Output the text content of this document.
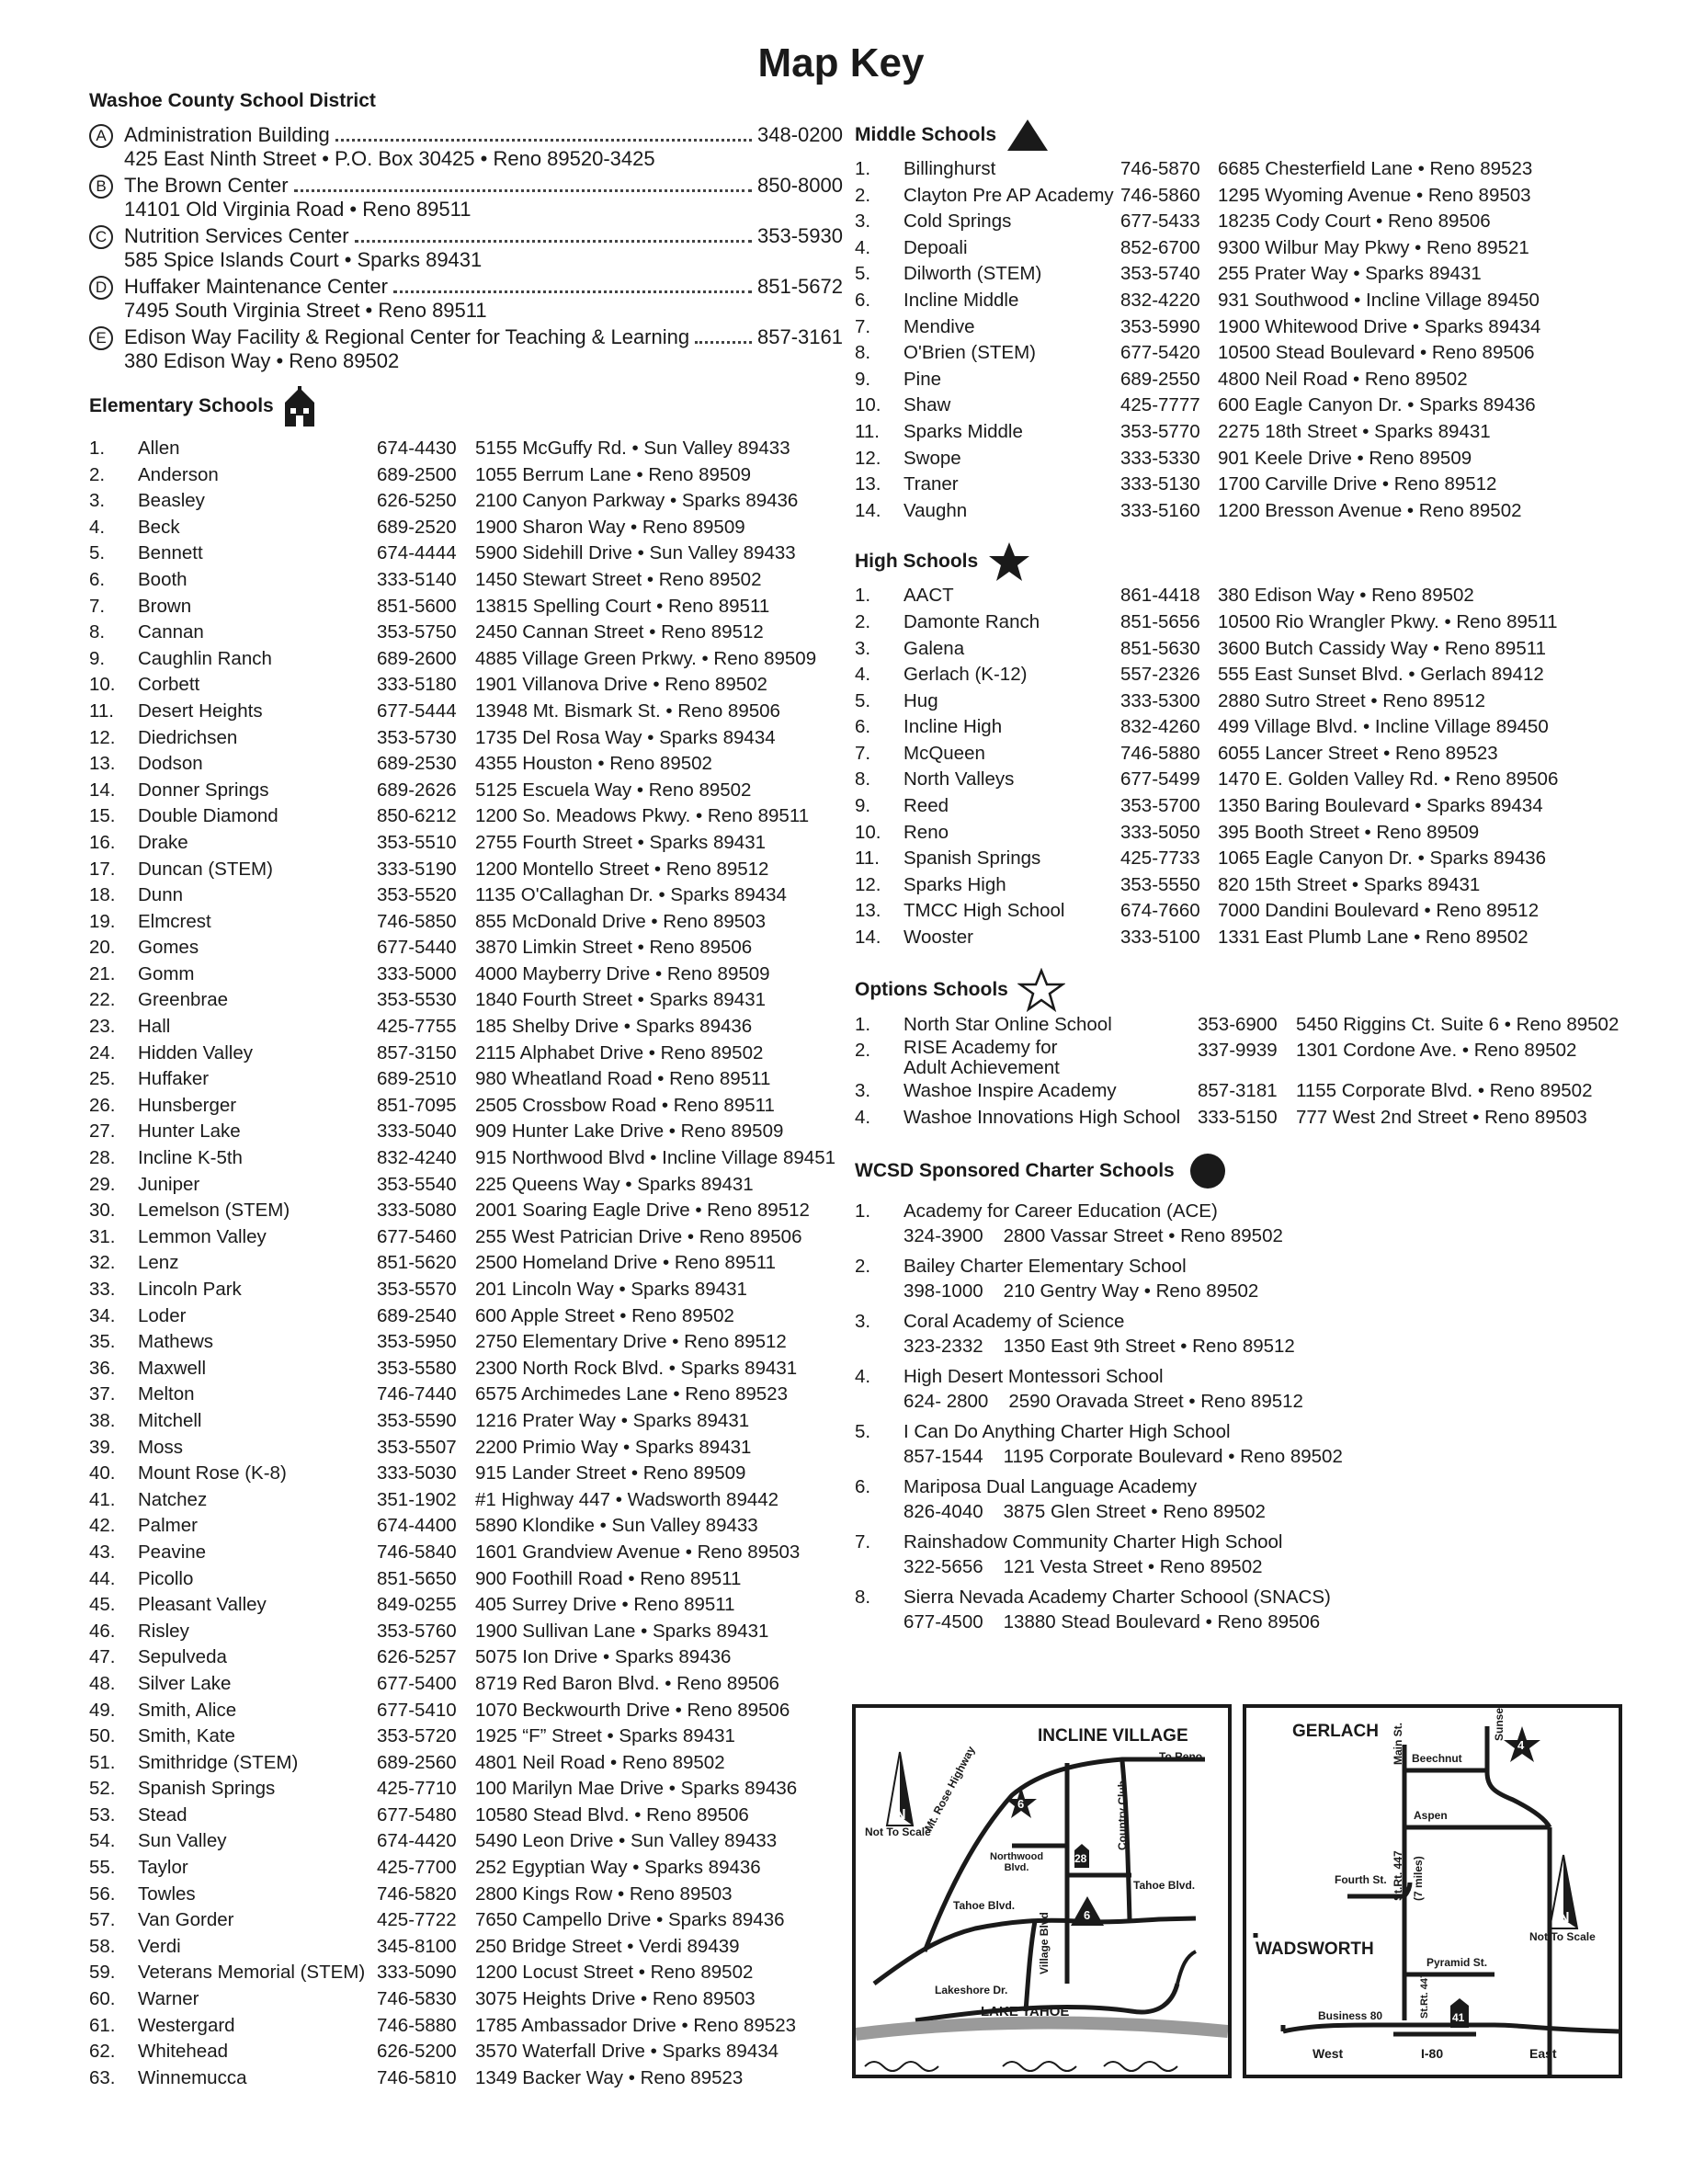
Map Key
Washoe County School District
A Administration Building	348-0200
425 East Ninth Street • P.O. Box 30425 • Reno 89520-3425
B The Brown Center	850-8000
14101 Old Virginia Road • Reno 89511
C Nutrition Services Center	353-5930
585 Spice Islands Court • Sparks 89431
D Huffaker Maintenance Center	851-5672
7495 South Virginia Street • Reno 89511
E Edison Way Facility & Regional Center for Teaching & Learning	857-3161
380 Edison Way • Reno 89502
Elementary Schools
1.	Allen	674-4430 5155 McGuffy Rd. • Sun Valley 89433
2.	Anderson	689-2500 1055 Berrum Lane • Reno 89509
3.	Beasley	626-5250 2100 Canyon Parkway • Sparks 89436
4.	Beck	689-2520 1900 Sharon Way • Reno 89509
5.	Bennett	674-4444 5900 Sidehill Drive • Sun Valley 89433
6.	Booth	333-5140 1450 Stewart Street • Reno 89502
7.	Brown	851-5600 13815 Spelling Court • Reno 89511
8.	Cannan	353-5750 2450 Cannan Street • Reno 89512
9.	Caughlin Ranch	689-2600 4885 Village Green Prkwy. • Reno 89509
10.	Corbett	333-5180 1901 Villanova Drive • Reno 89502
11.	Desert Heights	677-5444 13948 Mt. Bismark St. • Reno 89506
12.	Diedrichsen	353-5730 1735 Del Rosa Way • Sparks 89434
13.	Dodson	689-2530 4355 Houston • Reno 89502
14.	Donner Springs	689-2626 5125 Escuela Way • Reno 89502
15.	Double Diamond	850-6212 1200 So. Meadows Pkwy. • Reno 89511
16.	Drake	353-5510 2755 Fourth Street • Sparks 89431
17.	Duncan (STEM)	333-5190 1200 Montello Street • Reno 89512
18.	Dunn	353-5520 1135 O'Callaghan Dr. • Sparks 89434
19.	Elmcrest	746-5850 855 McDonald Drive • Reno 89503
20.	Gomes	677-5440 3870 Limkin Street • Reno 89506
21.	Gomm	333-5000 4000 Mayberry Drive • Reno 89509
22.	Greenbrae	353-5530 1840 Fourth Street • Sparks 89431
23.	Hall	425-7755 185 Shelby Drive • Sparks 89436
24.	Hidden Valley	857-3150 2115 Alphabet Drive • Reno 89502
25.	Huffaker	689-2510 980 Wheatland Road • Reno 89511
26.	Hunsberger	851-7095 2505 Crossbow Road • Reno 89511
27.	Hunter Lake	333-5040 909 Hunter Lake Drive • Reno 89509
28.	Incline K-5th	832-4240 915 Northwood Blvd • Incline Village 89451
29.	Juniper	353-5540 225 Queens Way • Sparks 89431
30.	Lemelson (STEM)	333-5080 2001 Soaring Eagle Drive • Reno 89512
31.	Lemmon Valley	677-5460 255 West Patrician Drive • Reno 89506
32.	Lenz	851-5620 2500 Homeland Drive • Reno 89511
33.	Lincoln Park	353-5570 201 Lincoln Way • Sparks 89431
34.	Loder	689-2540 600 Apple Street • Reno 89502
35.	Mathews	353-5950 2750 Elementary Drive • Reno 89512
36.	Maxwell	353-5580 2300 North Rock Blvd. • Sparks 89431
37.	Melton	746-7440 6575 Archimedes Lane • Reno 89523
38.	Mitchell	353-5590 1216 Prater Way • Sparks 89431
39.	Moss	353-5507 2200 Primio Way • Sparks 89431
40.	Mount Rose (K-8)	333-5030 915 Lander Street • Reno 89509
41.	Natchez	351-1902 #1 Highway 447 • Wadsworth 89442
42.	Palmer	674-4400 5890 Klondike • Sun Valley 89433
43.	Peavine	746-5840 1601 Grandview Avenue • Reno 89503
44.	Picollo	851-5650 900 Foothill Road • Reno 89511
45.	Pleasant Valley	849-0255 405 Surrey Drive • Reno 89511
46.	Risley	353-5760 1900 Sullivan Lane • Sparks 89431
47.	Sepulveda	626-5257 5075 Ion Drive • Sparks 89436
48.	Silver Lake	677-5400 8719 Red Baron Blvd. • Reno 89506
49.	Smith, Alice	677-5410 1070 Beckwourth Drive • Reno 89506
50.	Smith, Kate	353-5720 1925 “F” Street • Sparks 89431
51.	Smithridge (STEM)	689-2560 4801 Neil Road • Reno 89502
52.	Spanish Springs	425-7710 100 Marilyn Mae Drive • Sparks 89436
53.	Stead	677-5480 10580 Stead Blvd. • Reno 89506
54.	Sun Valley	674-4420 5490 Leon Drive • Sun Valley 89433
55.	Taylor	425-7700 252 Egyptian Way • Sparks 89436
56.	Towles	746-5820 2800 Kings Row • Reno 89503
57.	Van Gorder	425-7722 7650 Campello Drive • Sparks 89436
58.	Verdi	345-8100 250 Bridge Street • Verdi 89439
59.	Veterans Memorial (STEM) 333-5090 1200 Locust Street • Reno 89502
60.	Warner	746-5830 3075 Heights Drive • Reno 89503
61.	Westergard	746-5880 1785 Ambassador Drive • Reno 89523
62.	Whitehead	626-5200 3570 Waterfall Drive • Sparks 89434
63.	Winnemucca	746-5810 1349 Backer Way • Reno 89523
Middle Schools
1.	Billinghurst	746-5870 6685 Chesterfield Lane • Reno 89523
2.	Clayton Pre AP Academy 746-5860 1295 Wyoming Avenue • Reno 89503
3.	Cold Springs	677-5433 18235 Cody Court • Reno 89506
4.	Depoali	852-6700 9300 Wilbur May Pkwy • Reno 89521
5.	Dilworth (STEM)	353-5740 255 Prater Way • Sparks 89431
6.	Incline Middle	832-4220 931 Southwood • Incline Village 89450
7.	Mendive	353-5990 1900 Whitewood Drive • Sparks 89434
8.	O'Brien (STEM)	677-5420 10500 Stead Boulevard • Reno 89506
9.	Pine	689-2550 4800 Neil Road • Reno 89502
10.	Shaw	425-7777 600 Eagle Canyon Dr. • Sparks 89436
11.	Sparks Middle	353-5770 2275 18th Street • Sparks 89431
12.	Swope	333-5330 901 Keele Drive • Reno 89509
13.	Traner	333-5130 1700 Carville Drive • Reno 89512
14.	Vaughn	333-5160 1200 Bresson Avenue • Reno 89502
High Schools
1.	AACT	861-4418 380 Edison Way • Reno 89502
2.	Damonte Ranch	851-5656 10500 Rio Wrangler Pkwy. • Reno 89511
3.	Galena	851-5630 3600 Butch Cassidy Way • Reno 89511
4.	Gerlach (K-12)	557-2326 555 East Sunset Blvd. • Gerlach 89412
5.	Hug	333-5300 2880 Sutro Street • Reno 89512
6.	Incline High	832-4260 499 Village Blvd. • Incline Village 89450
7.	McQueen	746-5880 6055 Lancer Street • Reno 89523
8.	North Valleys	677-5499 1470 E. Golden Valley Rd. • Reno 89506
9.	Reed	353-5700 1350 Baring Boulevard • Sparks 89434
10.	Reno	333-5050 395 Booth Street • Reno 89509
11.	Spanish Springs	425-7733 1065 Eagle Canyon Dr. • Sparks 89436
12.	Sparks High	353-5550 820 15th Street • Sparks 89431
13.	TMCC High School	674-7660 7000 Dandini Boulevard • Reno 89512
14.	Wooster	333-5100 1331 East Plumb Lane • Reno 89502
Options Schools
1.	North Star Online School	353-6900 5450 Riggins Ct. Suite 6 • Reno 89502
2.	RISE Academy for
Adult Achievement
337-9939 1301 Cordone Ave. • Reno 89502
3.	Washoe Inspire Academy	857-3181 1155 Corporate Blvd. • Reno 89502
4.	Washoe Innovations High School 333-5150 777 West 2nd Street • Reno 89503
WCSD Sponsored Charter Schools
1.	Academy for Career Education (ACE)
324-3900 2800 Vassar Street • Reno 89502
2.	Bailey Charter Elementary School
398-1000 210 Gentry Way • Reno 89502
3.	Coral Academy of Science
323-2332 1350 East 9th Street • Reno 89512
4.	High Desert Montessori School
624- 2800 2590 Oravada Street • Reno 89512
5.	I Can Do Anything Charter High School
857-1544 1195 Corporate Boulevard • Reno 89502
6.	Mariposa Dual Language Academy
826-4040 3875 Glen Street • Reno 89502
7.	Rainshadow Community Charter High School
322-5656 121 Vesta Street • Reno 89502
8.	Sierra Nevada Academy Charter Schoool (SNACS)
677-4500 13880 Stead Boulevard • Reno 89506
INCLINE VILLAGE
To Reno
N
Not To Scale
Mt. Rose Highway	Country Club
Northwood
Blvd.
Tahoe Blvd.
Tahoe Blvd.
Village Blvd
Lakeshore Dr.
LAKE TAHOE
6
28
6
GERLACH Main St.	Sunset
Beechnut
Aspen
St.Rt. 447 (7 miles)
Fourth St.
N
Not To Scale
WADSWORTH
Pyramid St.
St.Rt. 447
Business 80
West	I-80	East
4
41
